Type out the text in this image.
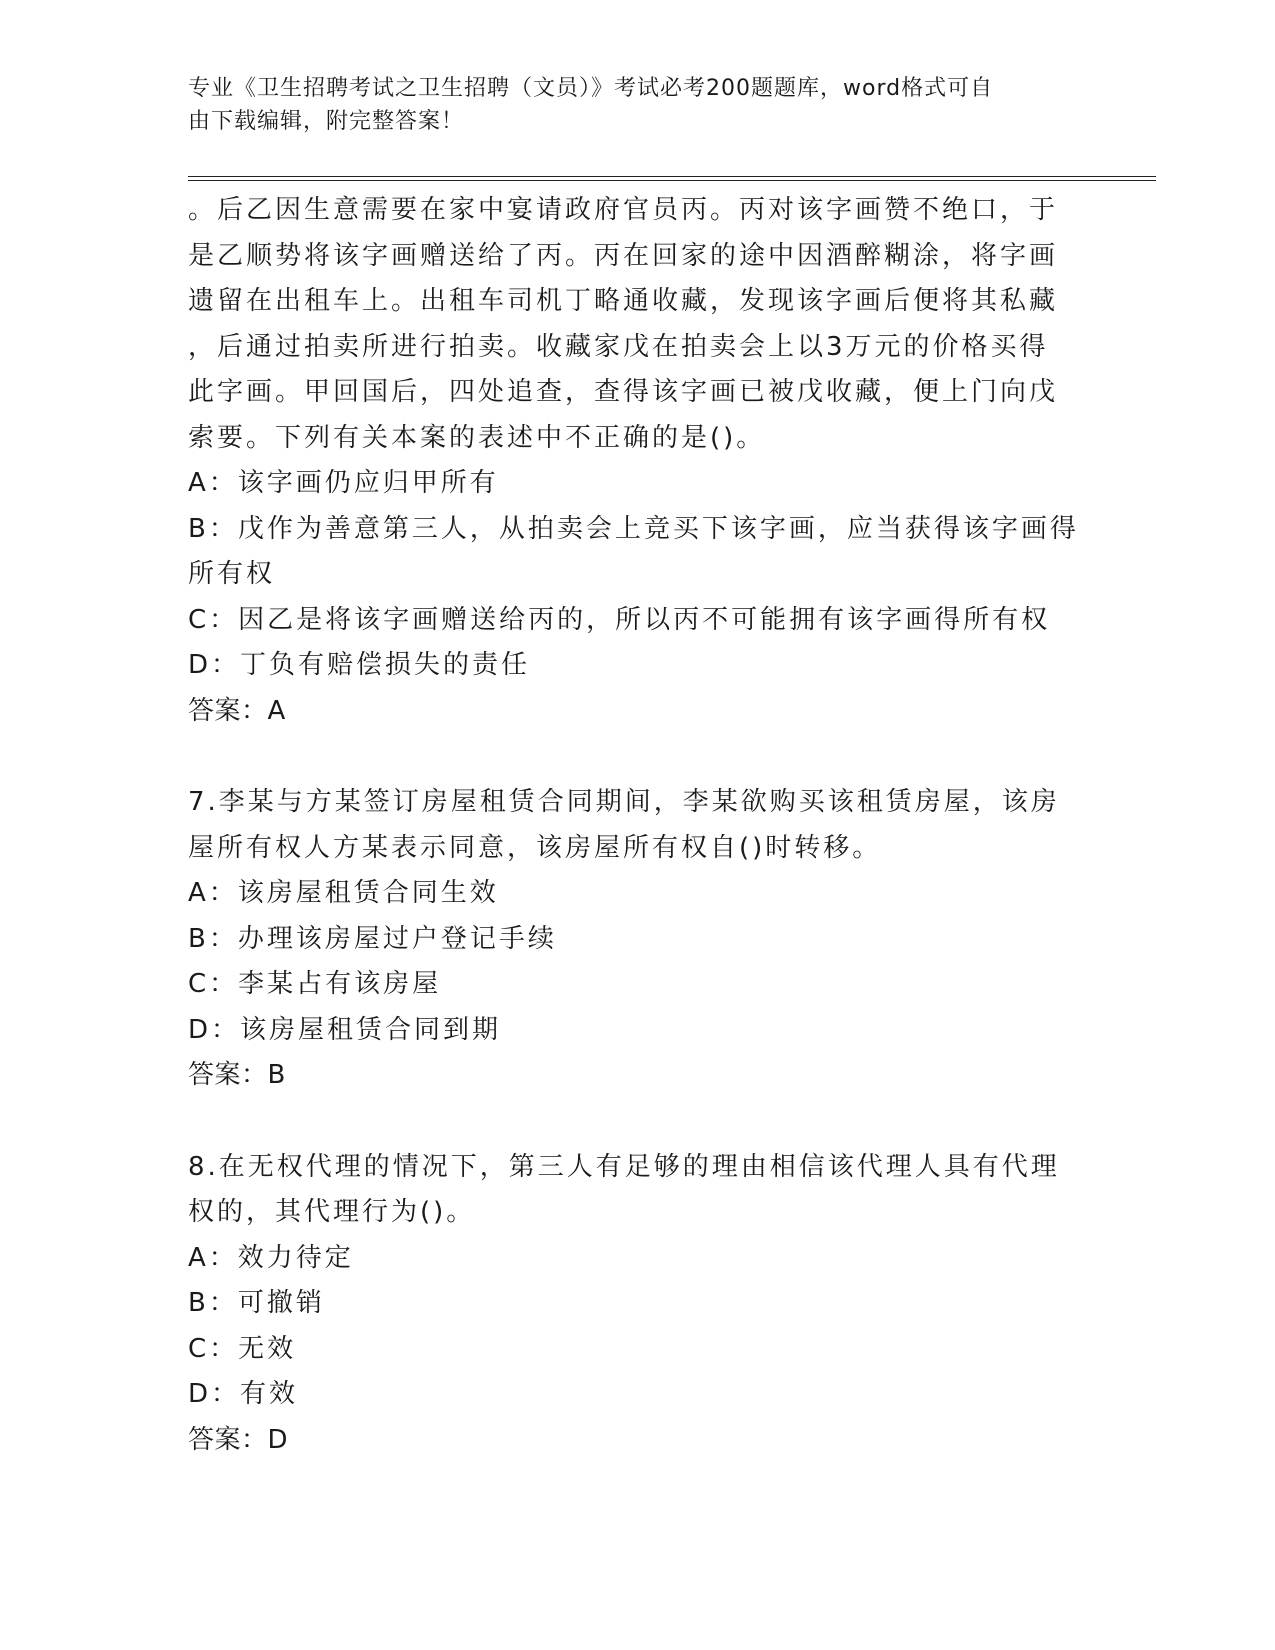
专业《卫生招聘考试之卫生招聘（文员）》考试必考200题题库，word格式可自
由下载编辑，附完整答案！
。后乙因生意需要在家中宴请政府官员丙。丙对该字画赞不绝口，于
是乙顺势将该字画赠送给了丙。丙在回家的途中因酒醉糊涂，将字画
遗留在出租车上。出租车司机丁略通收藏，发现该字画后便将其私藏
，后通过拍卖所进行拍卖。收藏家戊在拍卖会上以3万元的价格买得
此字画。甲回国后，四处追查，查得该字画已被戊收藏，便上门向戊
索要。下列有关本案的表述中不正确的是()。
A：该字画仍应归甲所有
B：戊作为善意第三人，从拍卖会上竞买下该字画，应当获得该字画得
所有权
C：因乙是将该字画赠送给丙的，所以丙不可能拥有该字画得所有权
D：丁负有赔偿损失的责任
答案：A
7.李某与方某签订房屋租赁合同期间，李某欲购买该租赁房屋，该房
屋所有权人方某表示同意，该房屋所有权自()时转移。
A：该房屋租赁合同生效
B：办理该房屋过户登记手续
C：李某占有该房屋
D：该房屋租赁合同到期
答案：B
8.在无权代理的情况下，第三人有足够的理由相信该代理人具有代理
权的，其代理行为()。
A：效力待定
B：可撤销
C：无效
D：有效
答案：D
